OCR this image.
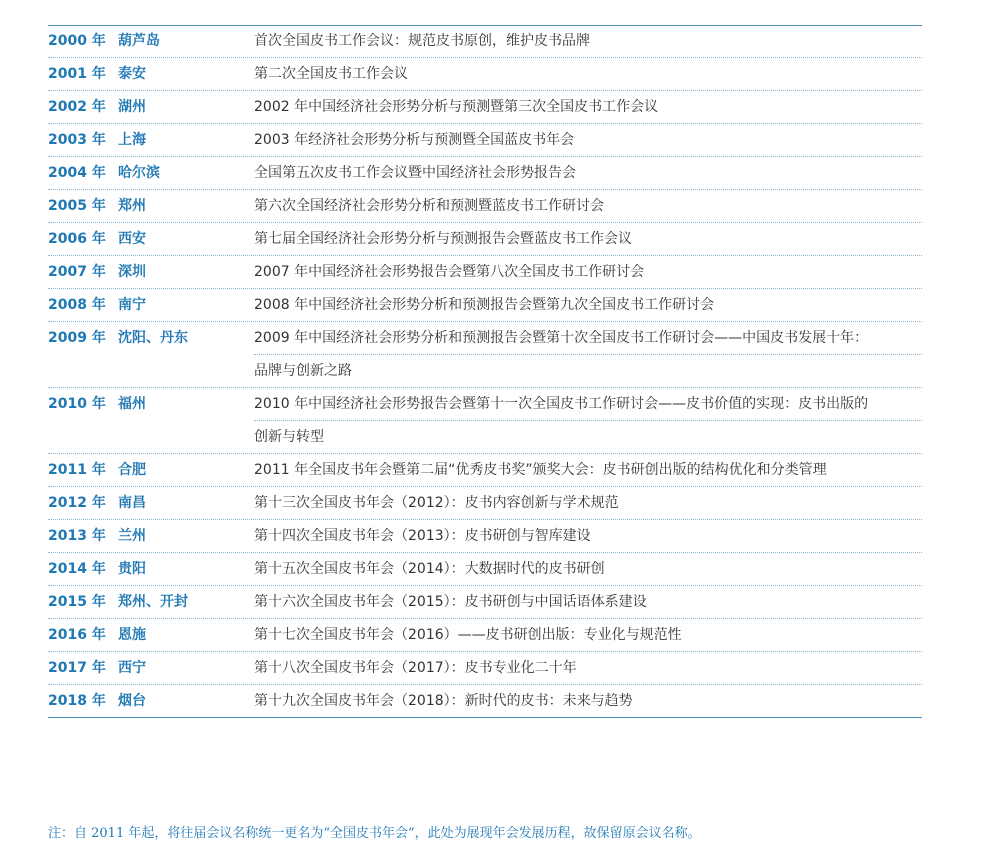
2000 年 葫芦岛	首次全国皮书工作会议：规范皮书原创，维护皮书品牌
2001 年 泰安	第二次全国皮书工作会议
2002 年 湖州	2002 年中国经济社会形势分析与预测暨第三次全国皮书工作会议
2003 年 上海	2003 年经济社会形势分析与预测暨全国蓝皮书年会
2004 年 哈尔滨	全国第五次皮书工作会议暨中国经济社会形势报告会
2005 年 郑州	第六次全国经济社会形势分析和预测暨蓝皮书工作研讨会
2006 年 西安	第七届全国经济社会形势分析与预测报告会暨蓝皮书工作会议
2007 年 深圳	2007 年中国经济社会形势报告会暨第八次全国皮书工作研讨会
2008 年 南宁	2008 年中国经济社会形势分析和预测报告会暨第九次全国皮书工作研讨会
2009 年 沈阳、丹东	2009 年中国经济社会形势分析和预测报告会暨第十次全国皮书工作研讨会——中国皮书发展十年：
品牌与创新之路
2010 年 福州	2010 年中国经济社会形势报告会暨第十一次全国皮书工作研讨会——皮书价值的实现：皮书出版的
创新与转型
2011 年 合肥	2011 年全国皮书年会暨第二届“优秀皮书奖”颁奖大会：皮书研创出版的结构优化和分类管理
2012 年 南昌	第十三次全国皮书年会（2012）：皮书内容创新与学术规范
2013 年 兰州	第十四次全国皮书年会（2013）：皮书研创与智库建设
2014 年 贵阳	第十五次全国皮书年会（2014）：大数据时代的皮书研创
2015 年 郑州、开封	第十六次全国皮书年会（2015）：皮书研创与中国话语体系建设
2016 年 恩施	第十七次全国皮书年会（2016）——皮书研创出版：专业化与规范性
2017 年 西宁	第十八次全国皮书年会（2017）：皮书专业化二十年
2018 年 烟台	第十九次全国皮书年会（2018）：新时代的皮书：未来与趋势
注：自 2011 年起，将往届会议名称统一更名为“全国皮书年会”，此处为展现年会发展历程，故保留原会议名称。
